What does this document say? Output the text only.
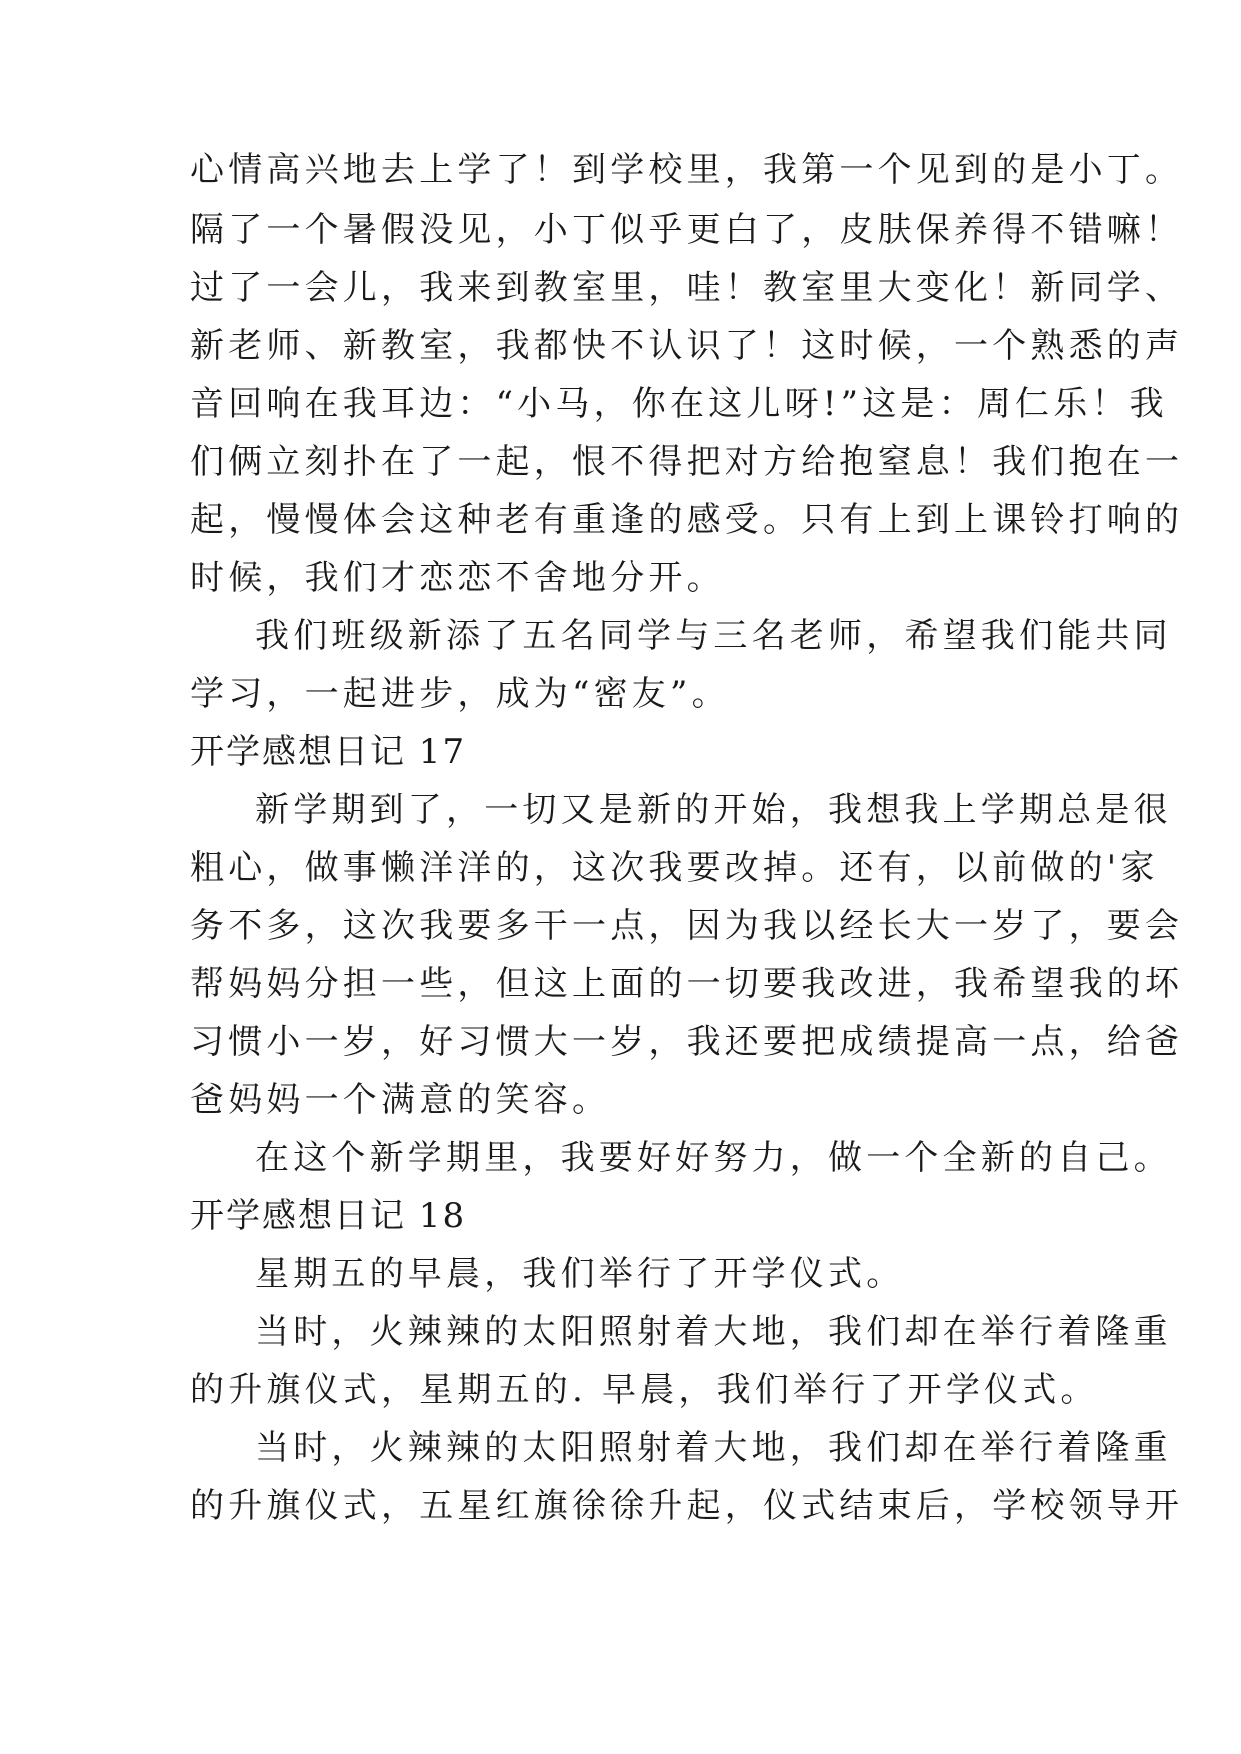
心情高兴地去上学了！到学校里，我第一个见到的是小丁。
隔了一个暑假没见，小丁似乎更白了，皮肤保养得不错嘛！
过了一会儿，我来到教室里，哇！教室里大变化！新同学、
新老师、新教室，我都快不认识了！这时候，一个熟悉的声
音回响在我耳边：“小马，你在这儿呀!”这是：周仁乐！我
们俩立刻扑在了一起，恨不得把对方给抱窒息！我们抱在一
起，慢慢体会这种老有重逢的感受。只有上到上课铃打响的
时候，我们才恋恋不舍地分开。
我们班级新添了五名同学与三名老师，希望我们能共同
学习，一起进步，成为“密友”。
开学感想日记 17
新学期到了，一切又是新的开始，我想我上学期总是很
粗心，做事懒洋洋的，这次我要改掉。还有，以前做的'家
务不多，这次我要多干一点，因为我以经长大一岁了，要会
帮妈妈分担一些，但这上面的一切要我改进，我希望我的坏
习惯小一岁，好习惯大一岁，我还要把成绩提高一点，给爸
爸妈妈一个满意的笑容。
在这个新学期里，我要好好努力，做一个全新的自己。
开学感想日记 18
星期五的早晨，我们举行了开学仪式。
当时，火辣辣的太阳照射着大地，我们却在举行着隆重
的升旗仪式，星期五的. 早晨，我们举行了开学仪式。
当时，火辣辣的太阳照射着大地，我们却在举行着隆重
的升旗仪式，五星红旗徐徐升起，仪式结束后，学校领导开
